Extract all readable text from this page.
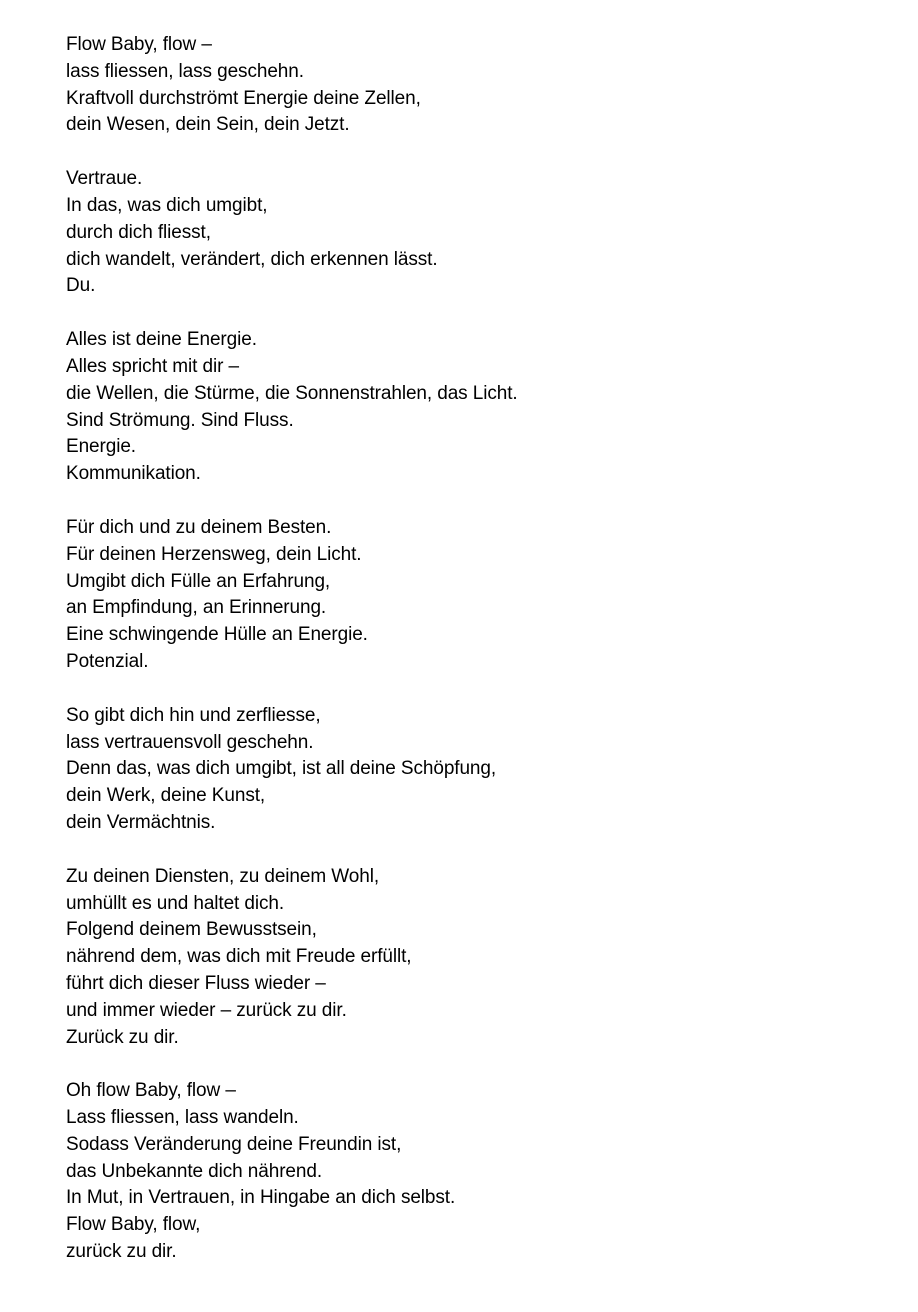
Flow Baby, flow –
lass fliessen, lass geschehn.
Kraftvoll durchströmt Energie deine Zellen,
dein Wesen, dein Sein, dein Jetzt.
Vertraue.
In das, was dich umgibt,
durch dich fliesst,
dich wandelt, verändert, dich erkennen lässt.
Du.
Alles ist deine Energie.
Alles spricht mit dir –
die Wellen, die Stürme, die Sonnenstrahlen, das Licht.
Sind Strömung. Sind Fluss.
Energie.
Kommunikation.
Für dich und zu deinem Besten.
Für deinen Herzensweg, dein Licht.
Umgibt dich Fülle an Erfahrung,
an Empfindung, an Erinnerung.
Eine schwingende Hülle an Energie.
Potenzial.
So gibt dich hin und zerfliesse,
lass vertrauensvoll geschehn.
Denn das, was dich umgibt, ist all deine Schöpfung,
dein Werk, deine Kunst,
dein Vermächtnis.
Zu deinen Diensten, zu deinem Wohl,
umhüllt es und haltet dich.
Folgend deinem Bewusstsein,
nährend dem, was dich mit Freude erfüllt,
führt dich dieser Fluss wieder –
und immer wieder – zurück zu dir.
Zurück zu dir.
Oh flow Baby, flow –
Lass fliessen, lass wandeln.
Sodass Veränderung deine Freundin ist,
das Unbekannte dich nährend.
In Mut, in Vertrauen, in Hingabe an dich selbst.
Flow Baby, flow,
zurück zu dir.
